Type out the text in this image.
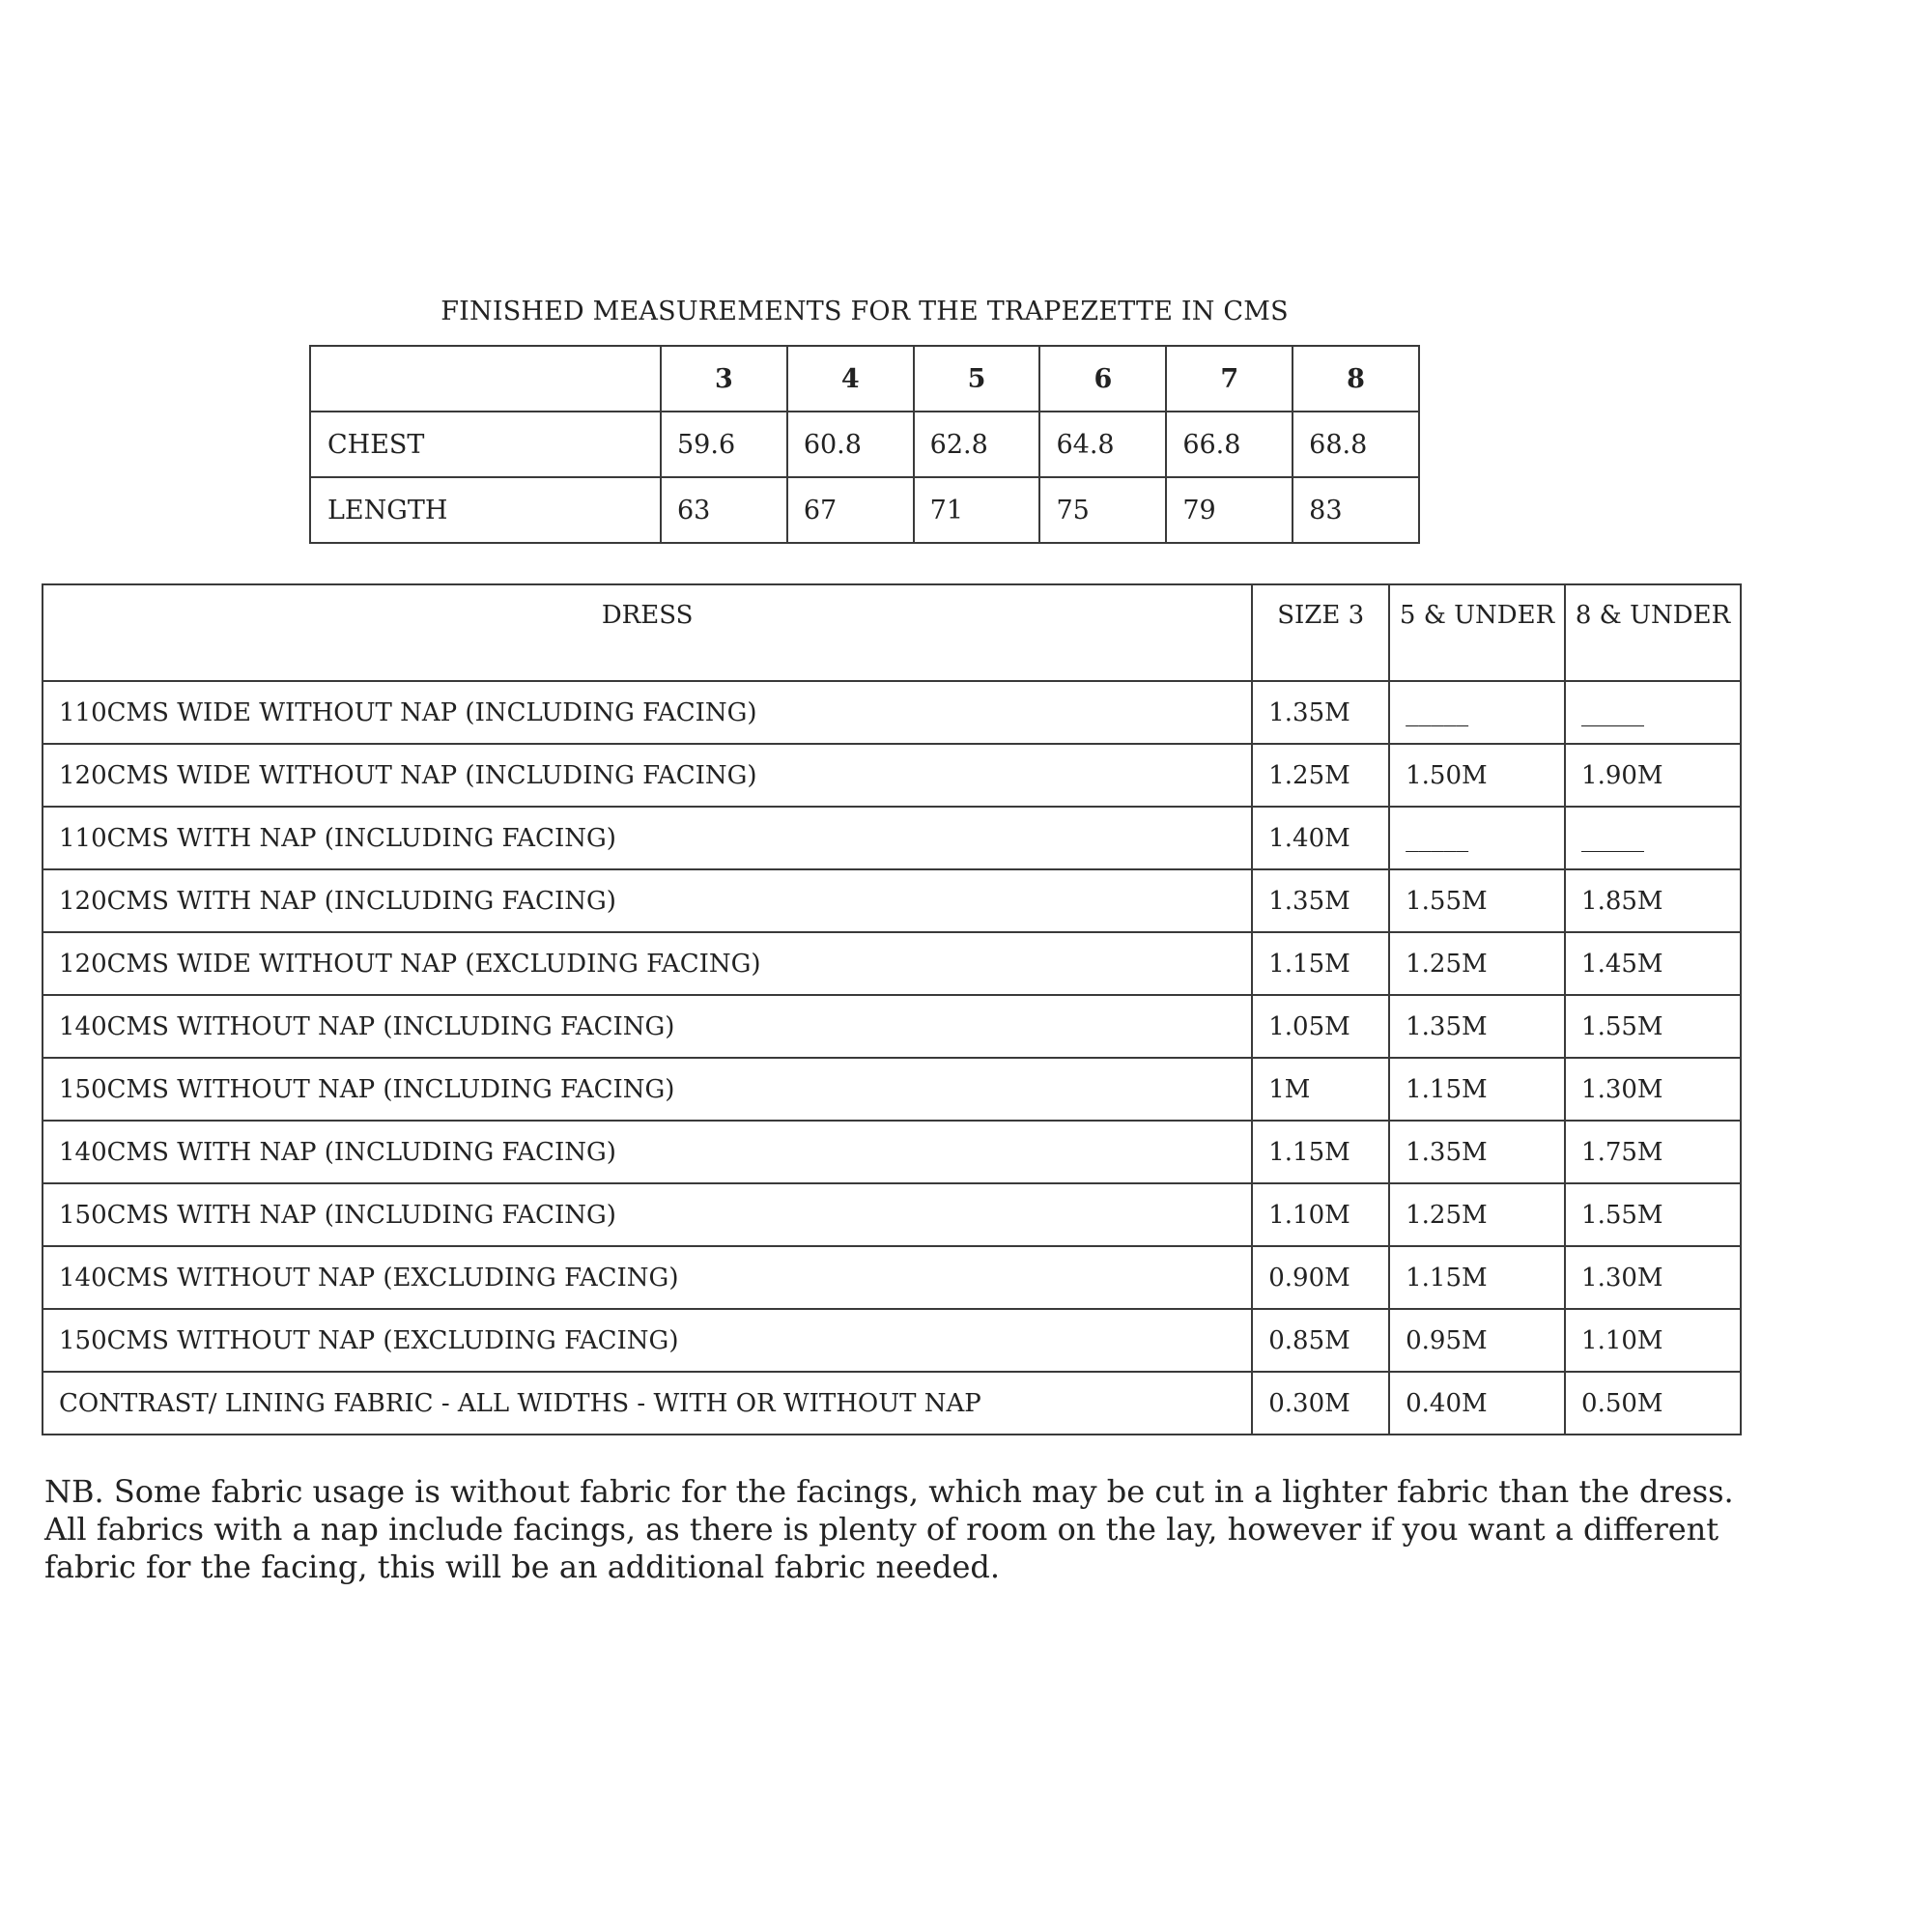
FINISHED MEASUREMENTS FOR THE TRAPEZETTE IN CMS
	3	4	5	6	7	8
CHEST	59.6	60.8	62.8	64.8	66.8	68.8
LENGTH	63	67	71	75	79	83
DRESS	SIZE 3	5 & UNDER	8 & UNDER
110CMS WIDE WITHOUT NAP (INCLUDING FACING)	1.35M	_____	_____
120CMS WIDE WITHOUT NAP (INCLUDING FACING)	1.25M	1.50M	1.90M
110CMS WITH NAP (INCLUDING FACING)	1.40M	_____	_____
120CMS WITH NAP (INCLUDING FACING)	1.35M	1.55M	1.85M
120CMS WIDE WITHOUT NAP (EXCLUDING FACING)	1.15M	1.25M	1.45M
140CMS WITHOUT NAP (INCLUDING FACING)	1.05M	1.35M	1.55M
150CMS WITHOUT NAP (INCLUDING FACING)	1M	1.15M	1.30M
140CMS WITH NAP (INCLUDING FACING)	1.15M	1.35M	1.75M
150CMS WITH NAP (INCLUDING FACING)	1.10M	1.25M	1.55M
140CMS WITHOUT NAP (EXCLUDING FACING)	0.90M	1.15M	1.30M
150CMS WITHOUT NAP (EXCLUDING FACING)	0.85M	0.95M	1.10M
CONTRAST/ LINING FABRIC - ALL WIDTHS - WITH OR WITHOUT NAP	0.30M	0.40M	0.50M
NB. Some fabric usage is without fabric for the facings, which may be cut in a lighter fabric than the dress. All fabrics with a nap include facings, as there is plenty of room on the lay, however if you want a different fabric for the facing, this will be an additional fabric needed.
